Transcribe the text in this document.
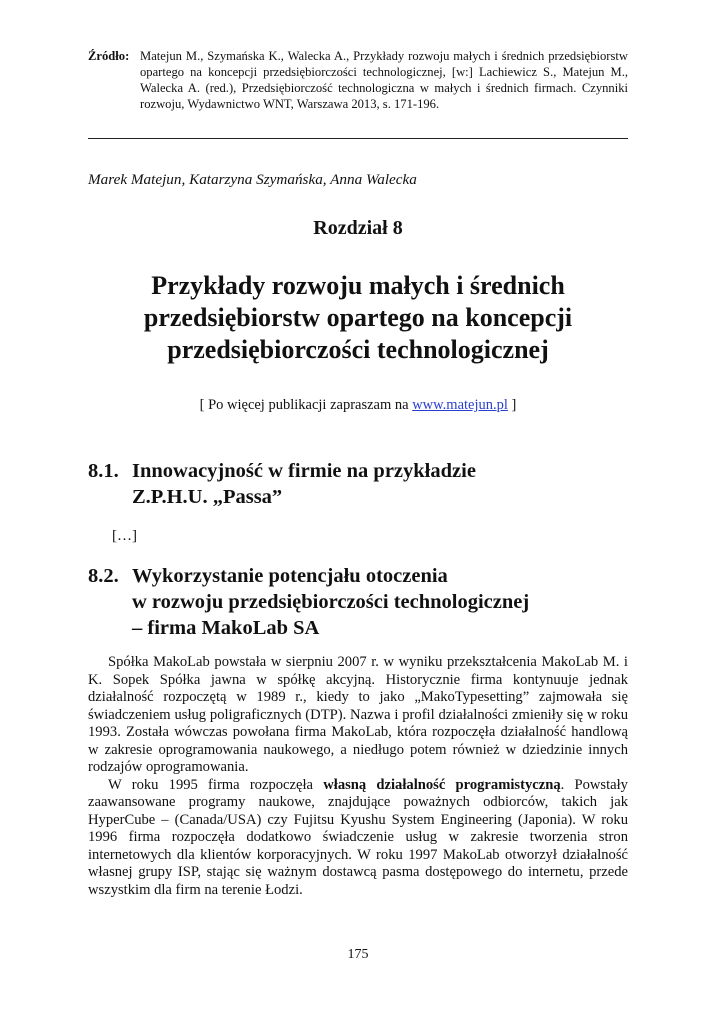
Źródło: Matejun M., Szymańska K., Walecka A., Przykłady rozwoju małych i średnich przedsiębiorstw opartego na koncepcji przedsiębiorczości technologicznej, [w:] Lachiewicz S., Matejun M., Walecka A. (red.), Przedsiębiorczość technologiczna w małych i średnich firmach. Czynniki rozwoju, Wydawnictwo WNT, Warszawa 2013, s. 171-196.
Marek Matejun, Katarzyna Szymańska, Anna Walecka
Rozdział 8
Przykłady rozwoju małych i średnich
przedsiębiorstw opartego na koncepcji
przedsiębiorczości technologicznej
[ Po więcej publikacji zapraszam na www.matejun.pl ]
8.1. Innowacyjność w firmie na przykładzie
Z.P.H.U. „Passa”
[…]
8.2. Wykorzystanie potencjału otoczenia
w rozwoju przedsiębiorczości technologicznej
– firma MakoLab SA

Spółka MakoLab powstała w sierpniu 2007 r. w wyniku przekształcenia MakoLab M. i K. Sopek Spółka jawna w spółkę akcyjną. Historycznie firma kontynuuje jednak działalność rozpoczętą w 1989 r., kiedy to jako „MakoTypesetting” zajmowała się świadczeniem usług poligraficznych (DTP). Nazwa i profil działalności zmieniły się w roku 1993. Została wówczas powołana firma MakoLab, która rozpoczęła działalność handlową w zakresie oprogramowania naukowego, a niedługo potem również w dziedzinie innych rodzajów oprogramowania.

W roku 1995 firma rozpoczęła własną działalność programistyczną. Powstały zaawansowane programy naukowe, znajdujące poważnych odbiorców, takich jak HyperCube – (Canada/USA) czy Fujitsu Kyushu System Engineering (Japonia). W roku 1996 firma rozpoczęła dodatkowo świadczenie usług w zakresie tworzenia stron internetowych dla klientów korporacyjnych. W roku 1997 MakoLab otworzył działalność własnej grupy ISP, stając się ważnym dostawcą pasma dostępowego do internetu, przede wszystkim dla firm na terenie Łodzi.

175
